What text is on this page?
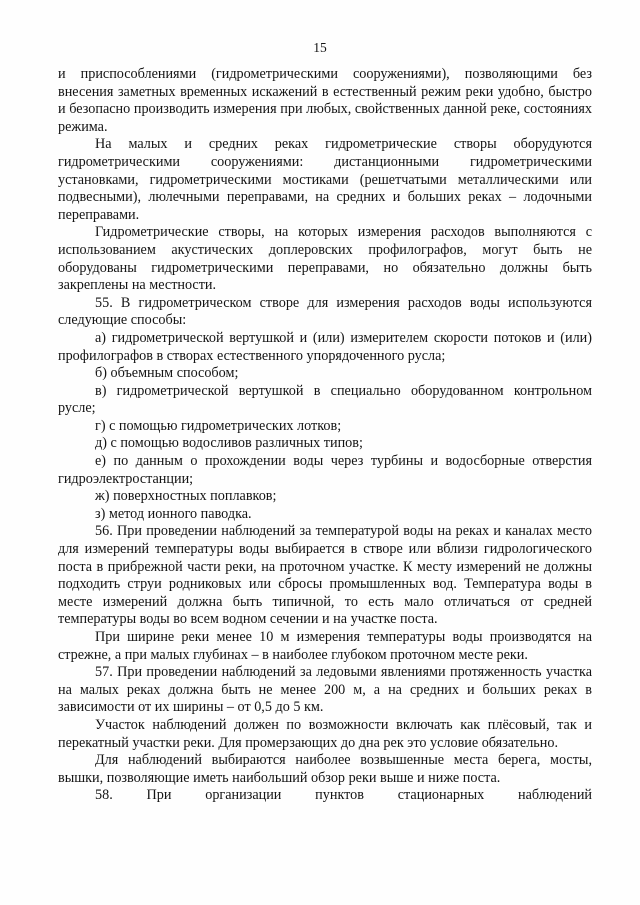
15

и приспособлениями (гидрометрическими сооружениями), позволяющими без внесения заметных временных искажений в естественный режим реки удобно, быстро и безопасно производить измерения при любых, свойственных данной реке, состояниях режима.

На малых и средних реках гидрометрические створы оборудуются гидрометрическими сооружениями: дистанционными гидрометрическими установками, гидрометрическими мостиками (решетчатыми металлическими или подвесными), люлечными переправами, на средних и больших реках – лодочными переправами.

Гидрометрические створы, на которых измерения расходов выполняются с использованием акустических доплеровских профилографов, могут быть не оборудованы гидрометрическими переправами, но обязательно должны быть закреплены на местности.

55. В гидрометрическом створе для измерения расходов воды используются следующие способы:

а) гидрометрической вертушкой и (или) измерителем скорости потоков и (или) профилографов в створах естественного упорядоченного русла;

б) объемным способом;

в) гидрометрической вертушкой в специально оборудованном контрольном русле;

г) с помощью гидрометрических лотков;

д) с помощью водосливов различных типов;

е) по данным о прохождении воды через турбины и водосборные отверстия гидроэлектростанции;

ж) поверхностных поплавков;

з) метод ионного паводка.

56. При проведении наблюдений за температурой воды на реках и каналах место для измерений температуры воды выбирается в створе или вблизи гидрологического поста в прибрежной части реки, на проточном участке. К месту измерений не должны подходить струи родниковых или сбросы промышленных вод. Температура воды в месте измерений должна быть типичной, то есть мало отличаться от средней температуры воды во всем водном сечении и на участке поста.

При ширине реки менее 10 м измерения температуры воды производятся на стрежне, а при малых глубинах – в наиболее глубоком проточном месте реки.

57. При проведении наблюдений за ледовыми явлениями протяженность участка на малых реках должна быть не менее 200 м, а на средних и больших реках в зависимости от их ширины – от 0,5 до 5 км.

Участок наблюдений должен по возможности включать как плёсовый, так и перекатный участки реки. Для промерзающих до дна рек это условие обязательно.

Для наблюдений выбираются наиболее возвышенные места берега, мосты, вышки, позволяющие иметь наибольший обзор реки выше и ниже поста.

58. При организации пунктов стационарных наблюдений
